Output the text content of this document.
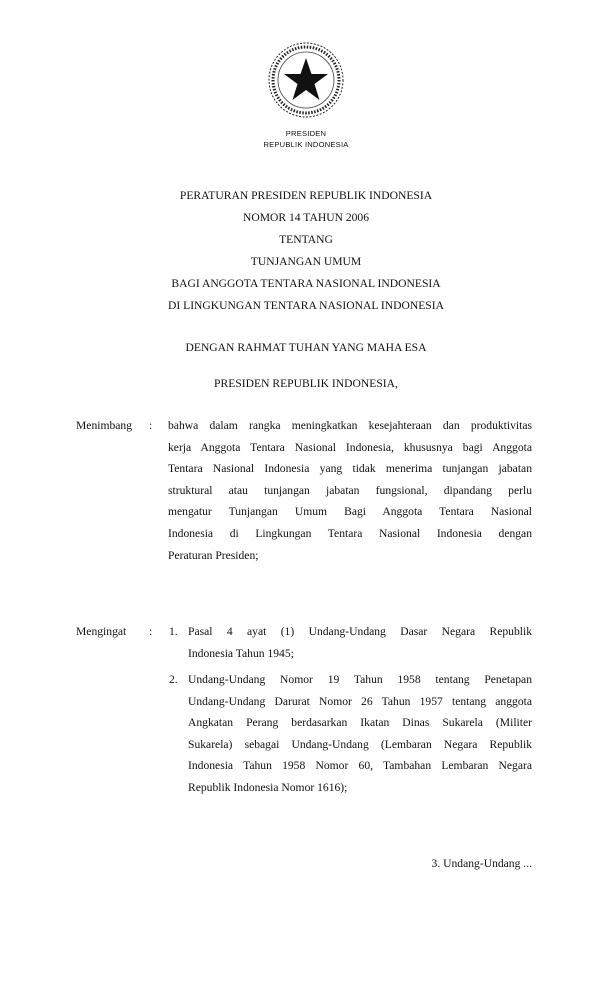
PRESIDEN
REPUBLIK INDONESIA
PERATURAN PRESIDEN REPUBLIK INDONESIA
NOMOR 14 TAHUN 2006
TENTANG
TUNJANGAN UMUM
BAGI ANGGOTA TENTARA NASIONAL INDONESIA
DI LINGKUNGAN TENTARA NASIONAL INDONESIA
DENGAN RAHMAT TUHAN YANG MAHA ESA
PRESIDEN REPUBLIK INDONESIA,
Menimbang : bahwa dalam rangka meningkatkan kesejahteraan dan produktivitas
kerja Anggota Tentara Nasional Indonesia, khususnya bagi Anggota
Tentara Nasional Indonesia yang tidak menerima tunjangan jabatan
struktural atau tunjangan jabatan fungsional, dipandang perlu
mengatur Tunjangan Umum Bagi Anggota Tentara Nasional
Indonesia di Lingkungan Tentara Nasional Indonesia dengan
Peraturan Presiden;
Mengingat : 1. Pasal 4 ayat (1) Undang-Undang Dasar Negara Republik
Indonesia Tahun 1945;
2. Undang-Undang Nomor 19 Tahun 1958 tentang Penetapan
Undang-Undang Darurat Nomor 26 Tahun 1957 tentang anggota
Angkatan Perang berdasarkan Ikatan Dinas Sukarela (Militer
Sukarela) sebagai Undang-Undang (Lembaran Negara Republik
Indonesia Tahun 1958 Nomor 60, Tambahan Lembaran Negara
Republik Indonesia Nomor 1616);
3. Undang-Undang ...
